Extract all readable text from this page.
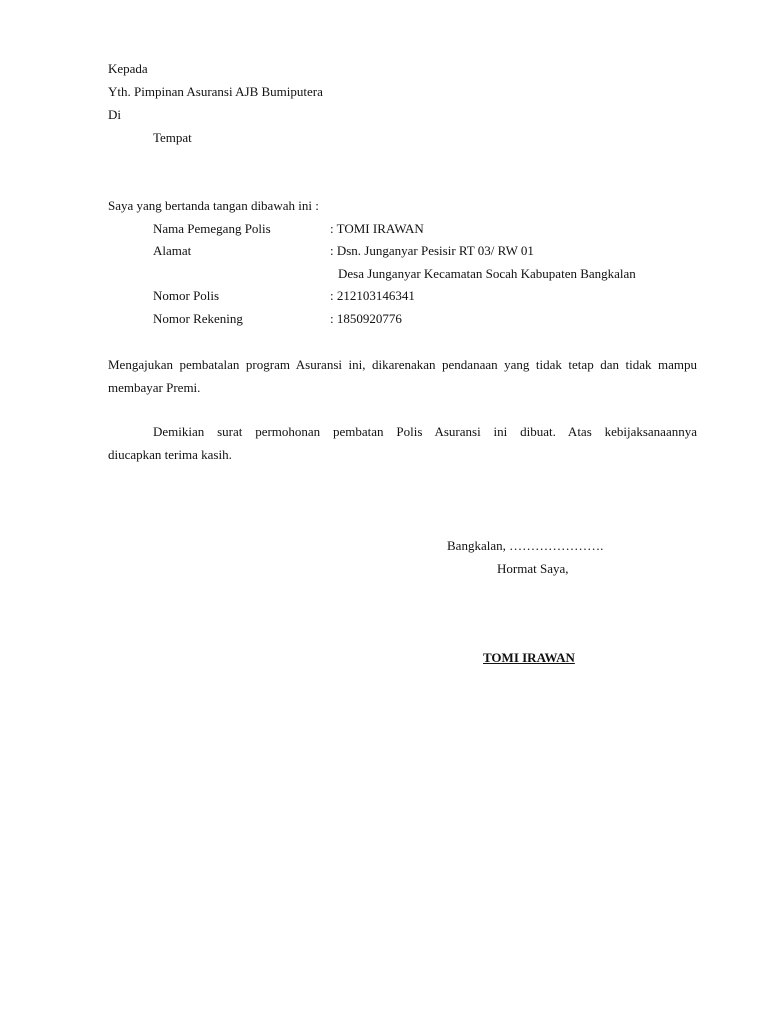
Kepada
Yth. Pimpinan Asuransi AJB Bumiputera
Di
Tempat
Saya yang bertanda tangan dibawah ini :
Nama Pemegang Polis	: TOMI IRAWAN
Alamat	: Dsn. Junganyar Pesisir RT 03/ RW 01
Desa Junganyar Kecamatan Socah Kabupaten Bangkalan
Nomor Polis	: 212103146341
Nomor Rekening	: 1850920776
Mengajukan pembatalan program Asuransi ini, dikarenakan pendanaan yang tidak tetap dan tidak mampu membayar Premi.
Demikian surat permohonan pembatan Polis Asuransi ini dibuat. Atas kebijaksanaannya
diucapkan terima kasih.
Bangkalan, ………………….
Hormat Saya,
TOMI IRAWAN
